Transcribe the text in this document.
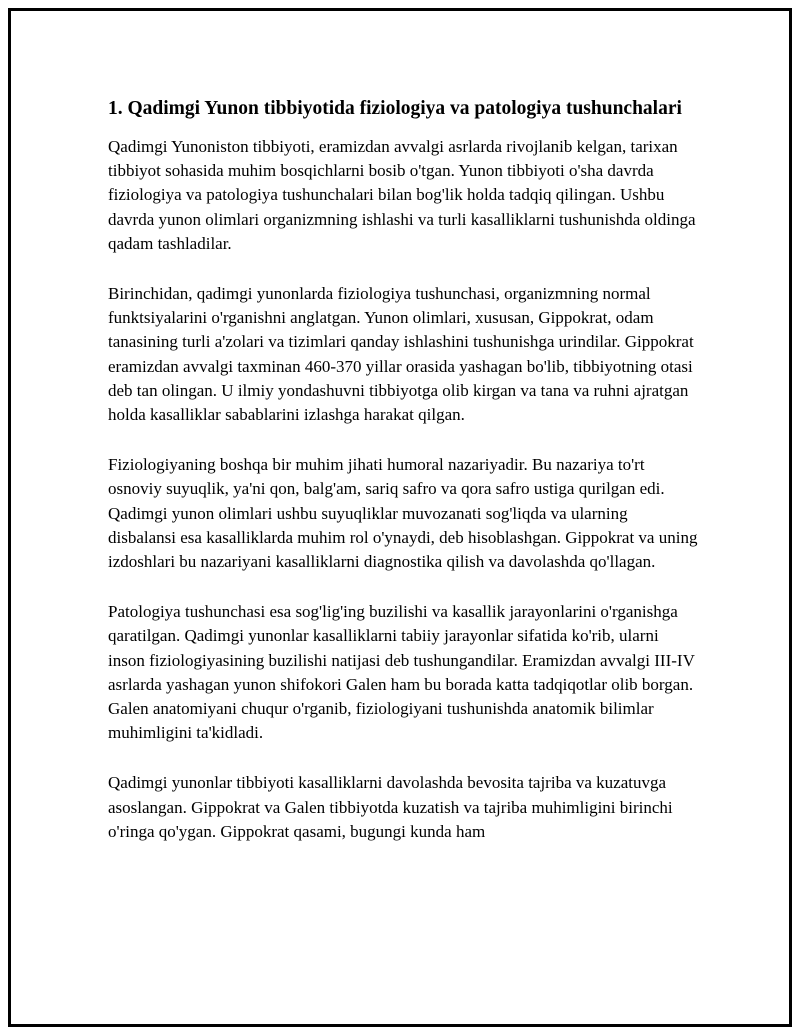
1. Qadimgi Yunon tibbiyotida fiziologiya va patologiya tushunchalari

Qadimgi Yunoniston tibbiyoti, eramizdan avvalgi asrlarda rivojlanib kelgan, tarixan tibbiyot sohasida muhim bosqichlarni bosib o'tgan. Yunon tibbiyoti o'sha davrda fiziologiya va patologiya tushunchalari bilan bog'lik holda tadqiq qilingan. Ushbu davrda yunon olimlari organizmning ishlashi va turli kasalliklarni tushunishda oldinga qadam tashladilar.

Birinchidan, qadimgi yunonlarda fiziologiya tushunchasi, organizmning normal funktsiyalarini o'rganishni anglatgan. Yunon olimlari, xususan, Gippokrat, odam tanasining turli a'zolari va tizimlari qanday ishlashini tushunishga urindilar. Gippokrat eramizdan avvalgi taxminan 460-370 yillar orasida yashagan bo'lib, tibbiyotning otasi deb tan olingan. U ilmiy yondashuvni tibbiyotga olib kirgan va tana va ruhni ajratgan holda kasalliklar sabablarini izlashga harakat qilgan.

Fiziologiyaning boshqa bir muhim jihati humoral nazariyadir. Bu nazariya to'rt osnoviy suyuqlik, ya'ni qon, balg'am, sariq safro va qora safro ustiga qurilgan edi. Qadimgi yunon olimlari ushbu suyuqliklar muvozanati sog'liqda va ularning disbalansi esa kasalliklarda muhim rol o'ynaydi, deb hisoblashgan. Gippokrat va uning izdoshlari bu nazariyani kasalliklarni diagnostika qilish va davolashda qo'llagan.

Patologiya tushunchasi esa sog'lig'ing buzilishi va kasallik jarayonlarini o'rganishga qaratilgan. Qadimgi yunonlar kasalliklarni tabiiy jarayonlar sifatida ko'rib, ularni inson fiziologiyasining buzilishi natijasi deb tushungandilar. Eramizdan avvalgi III-IV asrlarda yashagan yunon shifokori Galen ham bu borada katta tadqiqotlar olib borgan. Galen anatomiyani chuqur o'rganib, fiziologiyani tushunishda anatomik bilimlar muhimligini ta'kidladi.

Qadimgi yunonlar tibbiyoti kasalliklarni davolashda bevosita tajriba va kuzatuvga asoslangan. Gippokrat va Galen tibbiyotda kuzatish va tajriba muhimligini birinchi o'ringa qo'ygan. Gippokrat qasami, bugungi kunda ham
